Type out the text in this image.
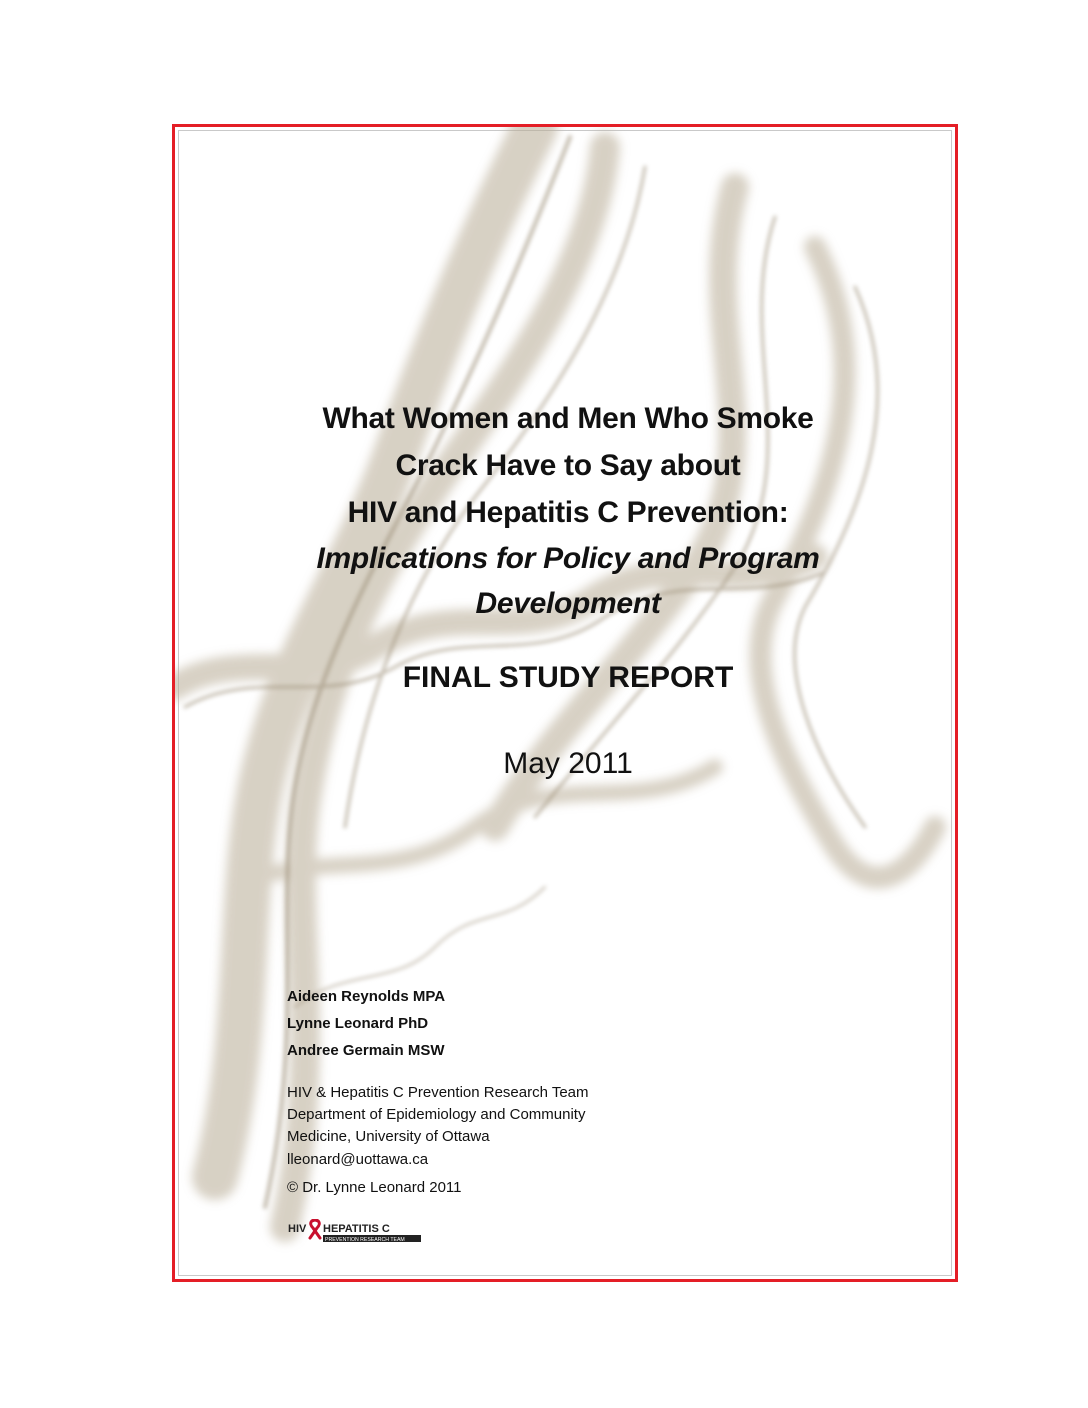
What Women and Men Who Smoke
Crack Have to Say about
HIV and Hepatitis C Prevention:
Implications for Policy and Program
Development
FINAL STUDY REPORT
May 2011
Aideen Reynolds MPA
Lynne Leonard PhD
Andree Germain MSW
HIV & Hepatitis C Prevention Research Team
Department of Epidemiology and Community
Medicine, University of Ottawa
lleonard@uottawa.ca
© Dr. Lynne Leonard 2011
HIV HEPATITIS C
PREVENTION RESEARCH TEAM
